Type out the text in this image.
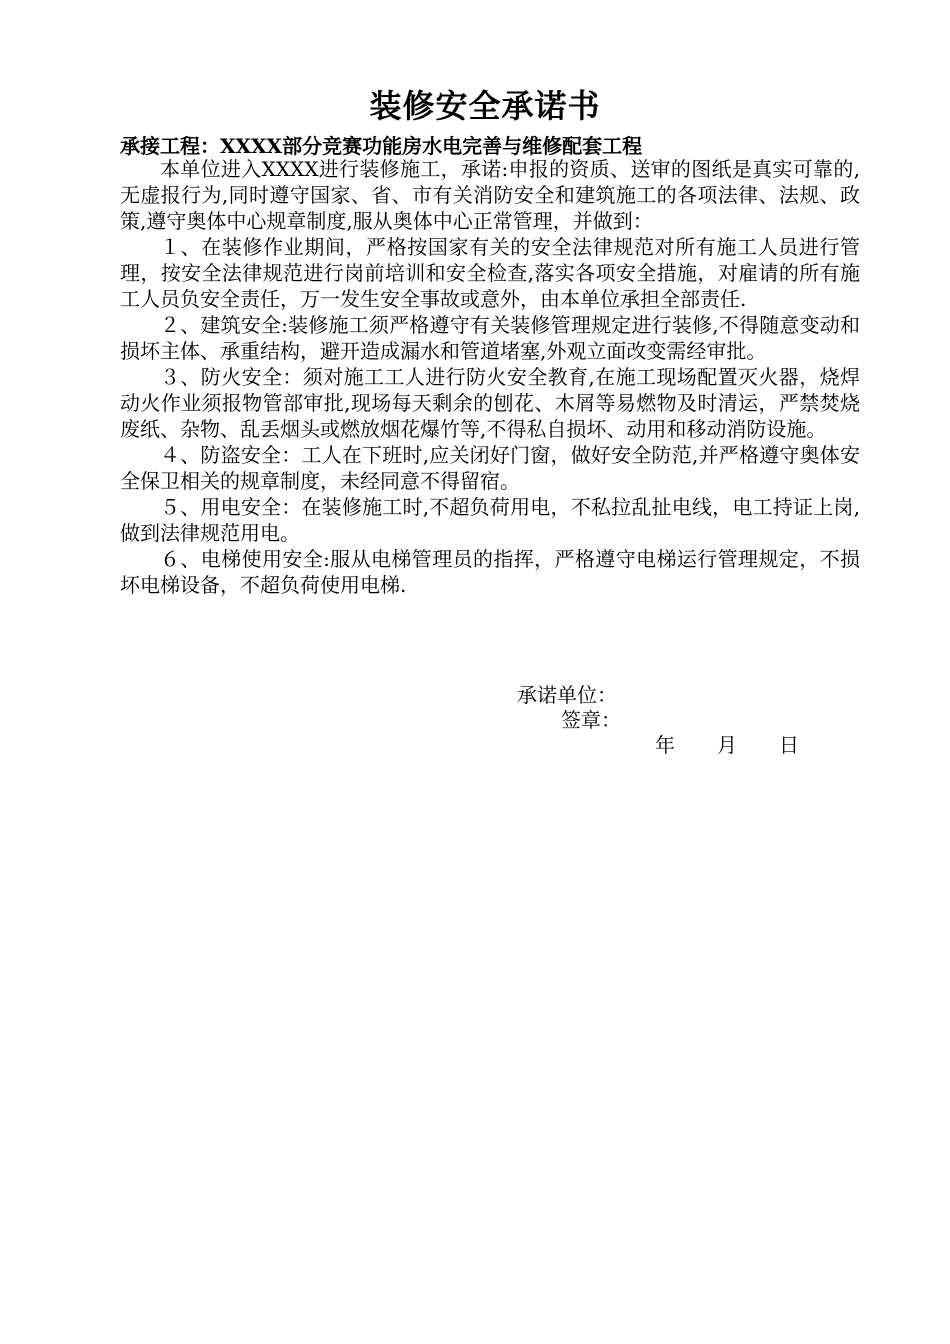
装修安全承诺书
承接工程：XXXX部分竞赛功能房水电完善与维修配套工程

本单位进入XXXX进行装修施工，承诺:申报的资质、送审的图纸是真实可靠的,无虚报行为,同时遵守国家、省、市有关消防安全和建筑施工的各项法律、法规、政策,遵守奥体中心规章制度,服从奥体中心正常管理，并做到：

１、在装修作业期间，严格按国家有关的安全法律规范对所有施工人员进行管理，按安全法律规范进行岗前培训和安全检查,落实各项安全措施，对雇请的所有施工人员负安全责任，万一发生安全事故或意外，由本单位承担全部责任.

２、建筑安全:装修施工须严格遵守有关装修管理规定进行装修,不得随意变动和损坏主体、承重结构，避开造成漏水和管道堵塞,外观立面改变需经审批。

３、防火安全：须对施工工人进行防火安全教育,在施工现场配置灭火器，烧焊动火作业须报物管部审批,现场每天剩余的刨花、木屑等易燃物及时清运，严禁焚烧废纸、杂物、乱丢烟头或燃放烟花爆竹等,不得私自损坏、动用和移动消防设施。

４、防盗安全：工人在下班时,应关闭好门窗，做好安全防范,并严格遵守奥体安全保卫相关的规章制度，未经同意不得留宿。

５、用电安全：在装修施工时,不超负荷用电，不私拉乱扯电线，电工持证上岗,做到法律规范用电。

６、电梯使用安全:服从电梯管理员的指挥，严格遵守电梯运行管理规定，不损坏电梯设备，不超负荷使用电梯.

承诺单位：
签章：
年 月 日
